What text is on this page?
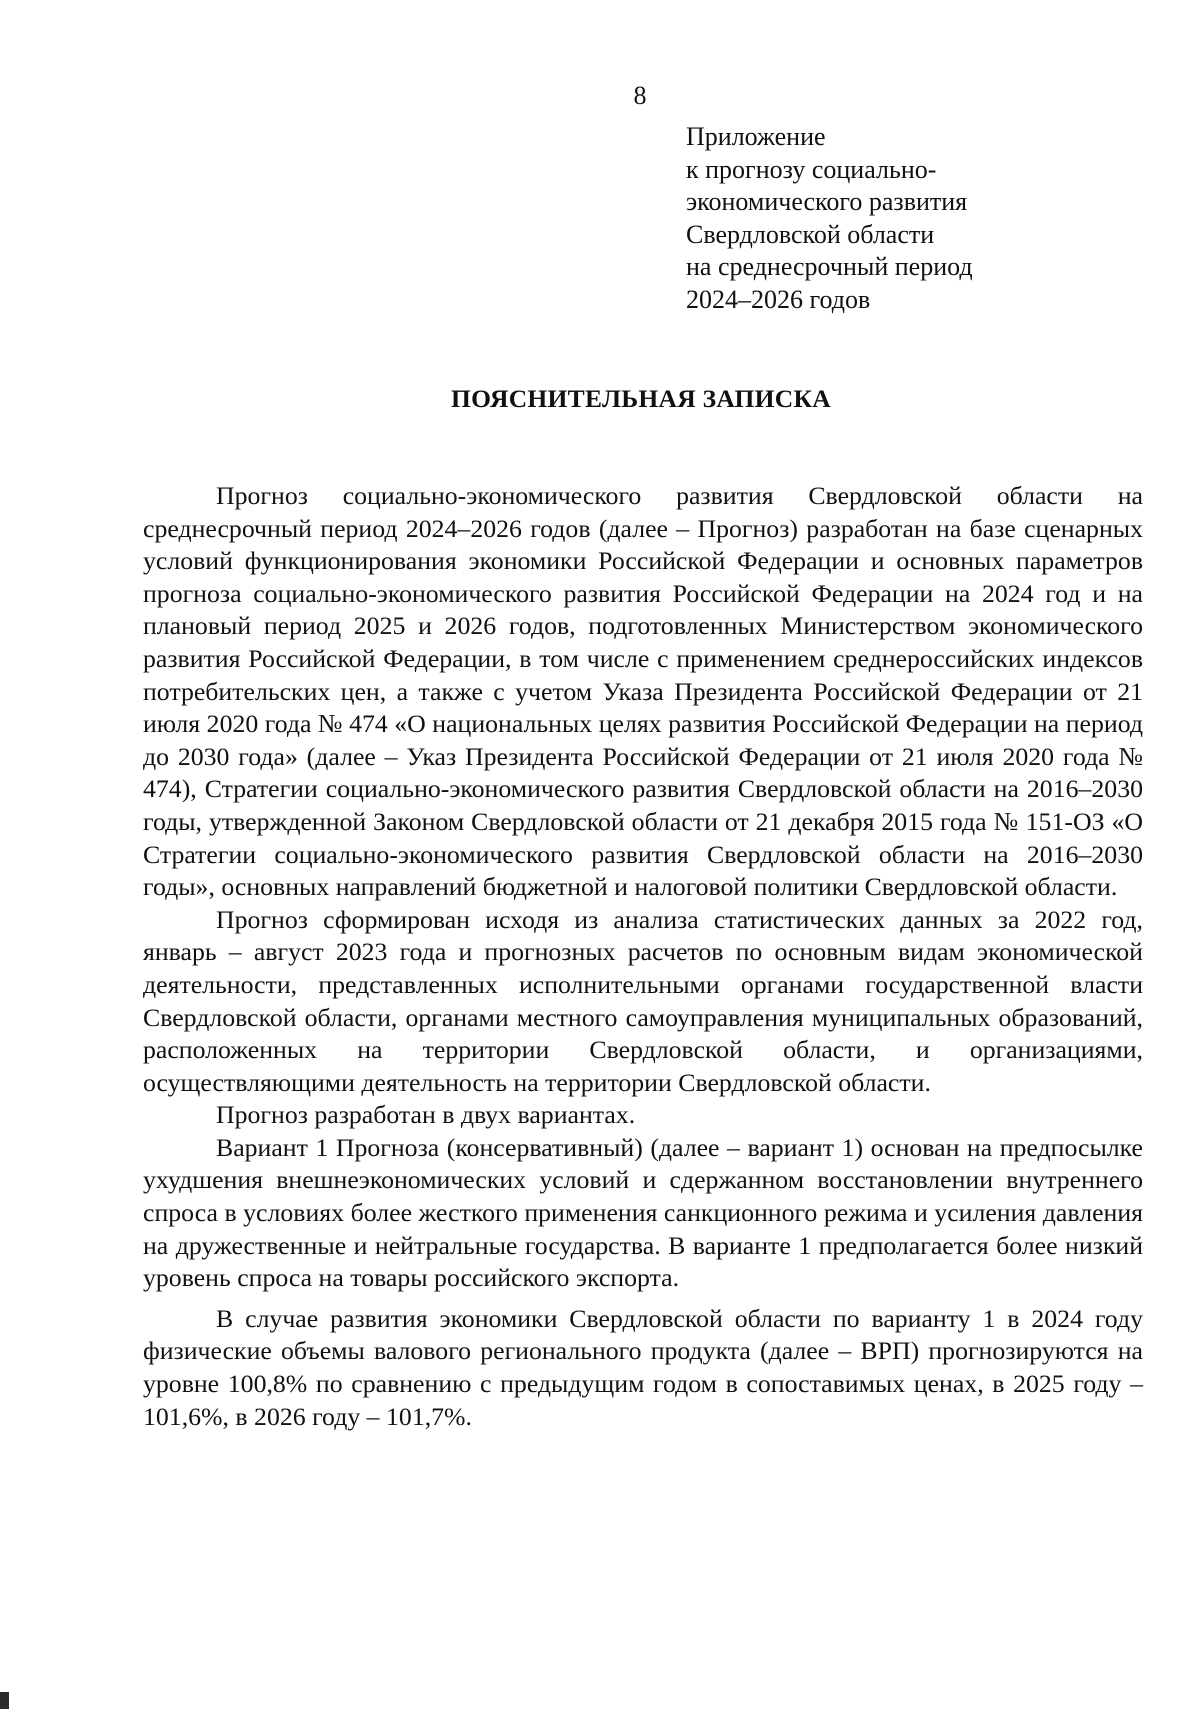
8
Приложение
к прогнозу социально-
экономического развития
Свердловской области
на среднесрочный период
2024–2026 годов
ПОЯСНИТЕЛЬНАЯ ЗАПИСКА

Прогноз социально-экономического развития Свердловской области на среднесрочный период 2024–2026 годов (далее – Прогноз) разработан на базе сценарных условий функционирования экономики Российской Федерации и основных параметров прогноза социально-экономического развития Российской Федерации на 2024 год и на плановый период 2025 и 2026 годов, подготовленных Министерством экономического развития Российской Федерации, в том числе с применением среднероссийских индексов потребительских цен, а также с учетом Указа Президента Российской Федерации от 21 июля 2020 года № 474 «О национальных целях развития Российской Федерации на период до 2030 года» (далее – Указ Президента Российской Федерации от 21 июля 2020 года № 474), Стратегии социально-экономического развития Свердловской области на 2016–2030 годы, утвержденной Законом Свердловской области от 21 декабря 2015 года № 151-ОЗ «О Стратегии социально-экономического развития Свердловской области на 2016–2030 годы», основных направлений бюджетной и налоговой политики Свердловской области.

Прогноз сформирован исходя из анализа статистических данных за 2022 год, январь – август 2023 года и прогнозных расчетов по основным видам экономической деятельности, представленных исполнительными органами государственной власти Свердловской области, органами местного самоуправления муниципальных образований, расположенных на территории Свердловской области, и организациями, осуществляющими деятельность на территории Свердловской области.

Прогноз разработан в двух вариантах.

Вариант 1 Прогноза (консервативный) (далее – вариант 1) основан на предпосылке ухудшения внешнеэкономических условий и сдержанном восстановлении внутреннего спроса в условиях более жесткого применения санкционного режима и усиления давления на дружественные и нейтральные государства. В варианте 1 предполагается более низкий уровень спроса на товары российского экспорта.

В случае развития экономики Свердловской области по варианту 1 в 2024 году физические объемы валового регионального продукта (далее – ВРП) прогнозируются на уровне 100,8% по сравнению с предыдущим годом в сопоставимых ценах, в 2025 году – 101,6%, в 2026 году – 101,7%.
